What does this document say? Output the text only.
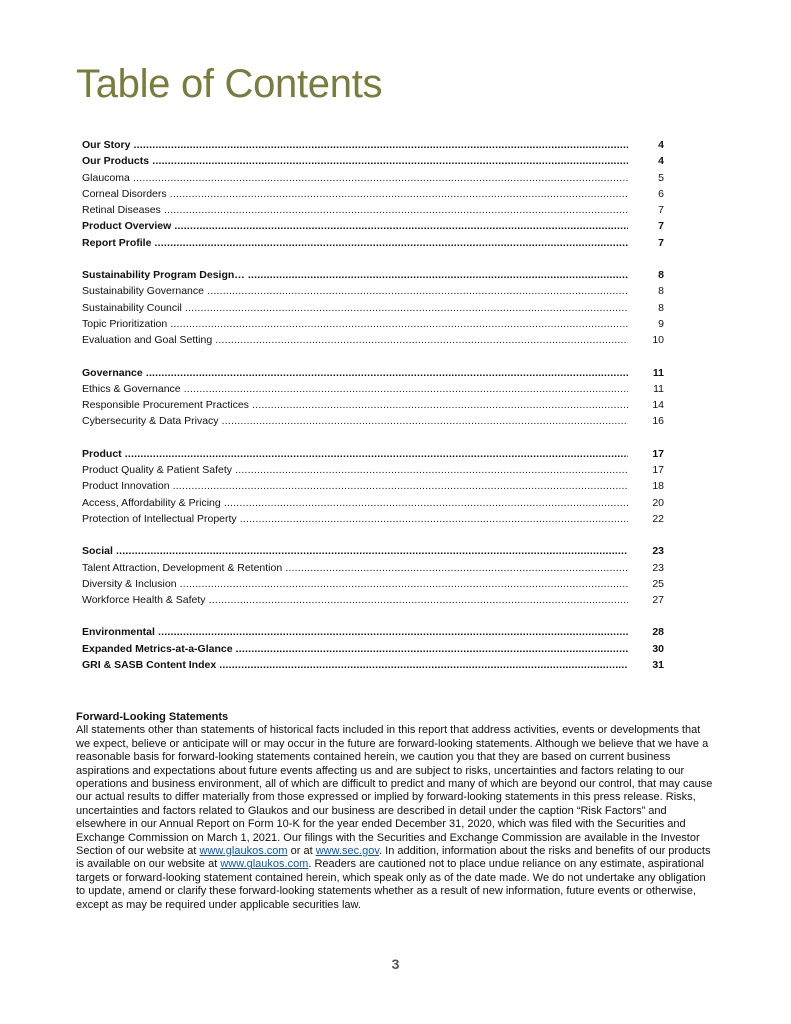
Table of Contents
Our Story .....	4
Our Products .....	4
Glaucoma .....	5
Corneal Disorders .....	6
Retinal Diseases .....	7
Product Overview .....	7
Report Profile .....	7
Sustainability Program Design… .....	8
Sustainability Governance .....	8
Sustainability Council .....	8
Topic Prioritization .....	9
Evaluation and Goal Setting .....	10
Governance .....	11
Ethics & Governance .....	11
Responsible Procurement Practices .....	14
Cybersecurity & Data Privacy .....	16
Product .....	17
Product Quality & Patient Safety .....	17
Product Innovation .....	18
Access, Affordability & Pricing .....	20
Protection of Intellectual Property .....	22
Social .....	23
Talent Attraction, Development & Retention .....	23
Diversity & Inclusion .....	25
Workforce Health & Safety .....	27
Environmental .....	28
Expanded Metrics-at-a-Glance .....	30
GRI & SASB Content Index .....	31
Forward-Looking Statements
All statements other than statements of historical facts included in this report that address activities, events or developments that we expect, believe or anticipate will or may occur in the future are forward-looking statements. Although we believe that we have a reasonable basis for forward-looking statements contained herein, we caution you that they are based on current business aspirations and expectations about future events affecting us and are subject to risks, uncertainties and factors relating to our operations and business environment, all of which are difficult to predict and many of which are beyond our control, that may cause our actual results to differ materially from those expressed or implied by forward-looking statements in this press release. Risks, uncertainties and factors related to Glaukos and our business are described in detail under the caption “Risk Factors” and elsewhere in our Annual Report on Form 10-K for the year ended December 31, 2020, which was filed with the Securities and Exchange Commission on March 1, 2021. Our filings with the Securities and Exchange Commission are available in the Investor Section of our website at www.glaukos.com or at www.sec.gov. In addition, information about the risks and benefits of our products is available on our website at www.glaukos.com. Readers are cautioned not to place undue reliance on any estimate, aspirational targets or forward-looking statement contained herein, which speak only as of the date made. We do not undertake any obligation to update, amend or clarify these forward-looking statements whether as a result of new information, future events or otherwise, except as may be required under applicable securities law.
3
